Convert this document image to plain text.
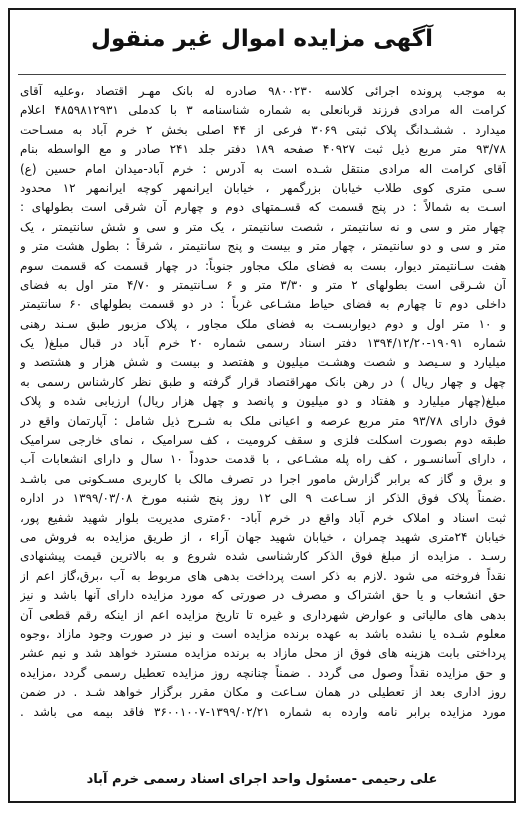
آگهی مزایده اموال غیر منقول
به موجب پرونده اجرائی کلاسه ۹۸۰۰۲۳۰ صادره له بانک مهـر اقتصاد ،وعلیه آقای
کرامت اله مرادی فرزند قربانعلی به شماره شناسنامه ۳ با کدملی ۴۸۵۹۸۱۲۹۳۱ اعلام
میدارد . ششـدانگ پلاک ثبتی ۳۰۶۹ فرعی از ۴۴ اصلی بخش ۲ خرم آباد به مسـاحت
۹۳/۷۸ متر مربع ذیل ثبت ۴۰۹۲۷ صفحه ۱۸۹ دفتر جلد ۲۴۱ صادر و مع الواسطه بنام
آقای کرامت اله مرادی منتقل شـده است به آدرس : خرم آباد-میدان امام حسین (ع)
سـی متری کوی طلاب خیابان بزرگمهر ، خیابان ایرانمهر کوچه ایرانمهر ۱۲ محدود
اسـت به شمالاً : در پنج قسمت که قسـمتهای دوم و چهارم آن شرقی است بطولهای :
چهار متر و سی و نه سانتیمتر ، شصت سانتیمتر ، یک متر و سی و شش سانتیمتر ، یک
متر و سی و دو سانتیمتر ، چهار متر و بیست و پنج سانتیمتر ، شرقاً : بطول هشت متر و
هفت سـانتیمتر دیوار، بست به فضای ملک مجاور جنوباً: در چهار قسمت که قسمت سوم
آن شـرقی است بطولهای ۲ متر و ۳/۳۰ متر و ۶ سـانتیمتر و ۴/۷۰ متر اول به فضای
داخلی دوم تا چهارم به فضای حیاط مشـاعی غرباً : در دو قسمت بطولهای ۶۰ سانتیمتر
و ۱۰ متر اول و دوم دیواربسـت به فضای ملک مجاور ، پلاک مزبور طبق سـند رهنی
شماره ۱۹۰۹۱-۱۳۹۴/۱۲/۲۰ دفتر اسناد رسمی شماره ۲۰ خرم آباد در قبال مبلغ( یک
میلیارد و سـیصد و شصت وهشـت میلیون و هفتصد و بیست و شش هزار و هشتصد و
چهل و چهار ریال ) در رهن بانک مهراقتصاد قرار گرفته و طبق نظر کارشناس رسمی به
مبلغ(چهار میلیارد و هفتاد و دو میلیون و پانصد و چهل هزار ریال) ارزیابی شده و پلاک
فوق دارای ۹۳/۷۸ متر مربع عرصه و اعیانی ملک به شـرح ذیل شامل : آپارتمان واقع در
طبقه دوم بصورت اسکلت فلزی و سقف کرومیت ، کف سرامیک ، نمای خارجی سرامیک
، دارای آسانسـور ، کف راه پله مشـاعی ، با قدمت حدوداً ۱۰ سال و دارای انشعابات آب
و برق و گاز که برابر گزارش مامور اجرا در تصرف مالک با کاربری مسـکونی می باشـد
.ضمناً پلاک فوق الذکر از سـاعت ۹ الی ۱۲ روز پنج شنبه مورخ ۱۳۹۹/۰۳/۰۸ در اداره
ثبت اسناد و املاک خرم آباد واقع در خرم آباد- ۶۰متری مدیریت بلوار شهید شفیع پور،
خیابان ۲۴متری شهید چمران ، خیابان شهید جهان آراء ، از طریق مزایده به فروش می
رسـد . مزایده از مبلغ فوق الذکر کارشناسی شده شروع و به بالاترین قیمت پیشنهادی
نقداً فروخته می شود .لازم به ذکر است پرداخت بدهی های مربوط به آب ،برق،گاز اعم از
حق انشعاب و یا حق اشتراک و مصرف در صورتی که مورد مزایده دارای آنها باشد و نیز
بدهی های مالیاتی و عوارض شهرداری و غیره تا تاریخ مزایده اعم از اینکه رقم قطعی آن
معلوم شـده یا نشده باشد به عهده برنده مزایده است و نیز در صورت وجود مازاد ،وجوه
پرداختی بابت هزینه های فوق از محل مازاد به برنده مزایده مسترد خواهد شد و نیم عشر
و حق مزایده نقداً وصول می گردد . ضمناً چنانچه روز مزایده تعطیل رسمی گردد ،مزایده
روز اداری بعد از تعطیلی در همان سـاعت و مکان مقرر برگزار خواهد شـد . در ضمن
مورد مزایده برابر نامه وارده به شماره ۱۳۹۹/۰۲/۲۱-۳۶۰۰۱۰۰۷ فاقد بیمه می باشد .
علی رحیمی -مسئول واحد اجرای اسناد رسمی خرم آباد
